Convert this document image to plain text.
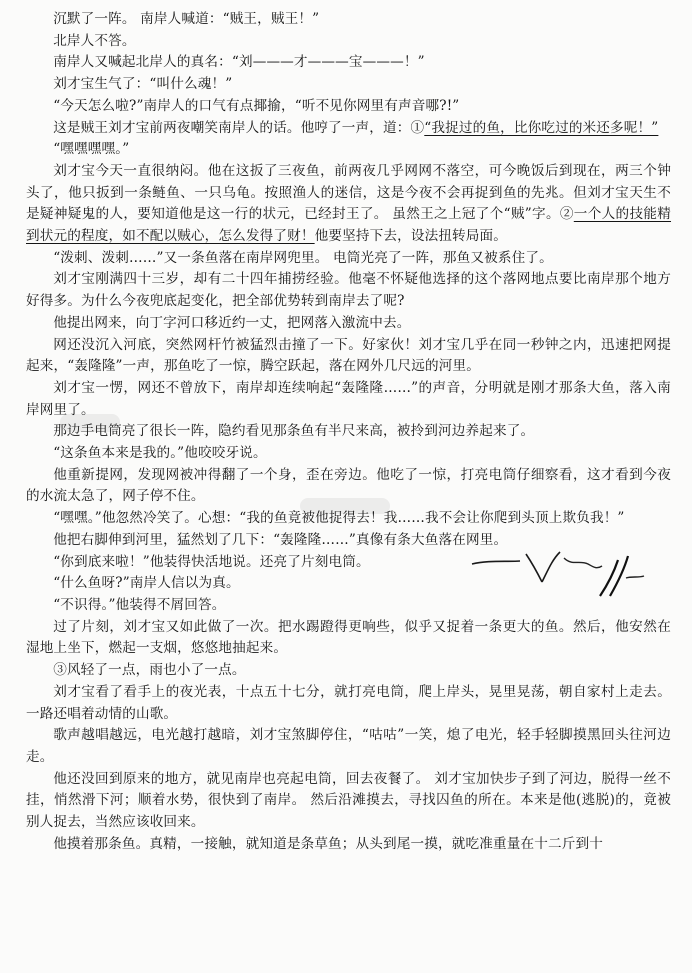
沉默了一阵。 南岸人喊道：“贼王，贼王！”

北岸人不答。

南岸人又喊起北岸人的真名：“刘———才———宝———！”

刘才宝生气了：“叫什么魂！”

“今天怎么啦?”南岸人的口气有点揶揄，“听不见你网里有声音哪?!”

这是贼王刘才宝前两夜嘲笑南岸人的话。他哼了一声，道：①“我捉过的鱼，比你吃过的米还多呢！”

“嘿嘿嘿嘿。”

刘才宝今天一直很纳闷。他在这扳了三夜鱼，前两夜几乎网网不落空，可今晚饭后到现在，两三个钟头了，他只扳到一条鲢鱼、一只乌龟。按照渔人的迷信，这是今夜不会再捉到鱼的先兆。但刘才宝天生不是疑神疑鬼的人，要知道他是这一行的状元，已经封王了。 虽然王之上冠了个“贼”字。②一个人的技能精到状元的程度，如不配以贼心，怎么发得了财！他要坚持下去，设法扭转局面。

“泼刺、泼刺……”又一条鱼落在南岸网兜里。 电筒光亮了一阵，那鱼又被系住了。

刘才宝刚满四十三岁，却有二十四年捕捞经验。他毫不怀疑他选择的这个落网地点要比南岸那个地方好得多。为什么今夜兜底起变化，把全部优势转到南岸去了呢?

他提出网来，向丁字河口移近约一丈，把网落入激流中去。

网还没沉入河底，突然网杆竹被猛烈击撞了一下。好家伙！刘才宝几乎在同一秒钟之内，迅速把网提起来，“轰隆隆”一声，那鱼吃了一惊，腾空跃起，落在网外几尺远的河里。

刘才宝一愣，网还不曾放下，南岸却连续响起“轰隆隆……”的声音，分明就是刚才那条大鱼，落入南岸网里了。

那边手电筒亮了很长一阵，隐约看见那条鱼有半尺来高，被拎到河边养起来了。

“这条鱼本来是我的。”他咬咬牙说。

他重新提网，发现网被冲得翻了一个身，歪在旁边。他吃了一惊，打亮电筒仔细察看，这才看到今夜的水流太急了，网子停不住。

“嘿嘿。”他忽然冷笑了。心想：“我的鱼竟被他捉得去！我……我不会让你爬到头顶上欺负我！”

他把右脚伸到河里，猛然划了几下：“轰隆隆……”真像有条大鱼落在网里。

“你到底来啦！”他装得快活地说。还亮了片刻电筒。

“什么鱼呀?”南岸人信以为真。

“不识得。”他装得不屑回答。

过了片刻，刘才宝又如此做了一次。把水踢蹬得更响些，似乎又捉着一条更大的鱼。然后，他安然在湿地上坐下，燃起一支烟，悠悠地抽起来。

③风轻了一点，雨也小了一点。

刘才宝看了看手上的夜光表，十点五十七分，就打亮电筒，爬上岸头，晃里晃荡，朝自家村上走去。一路还唱着动情的山歌。

歌声越唱越远，电光越打越暗，刘才宝煞脚停住，“咕咕”一笑，熄了电光，轻手轻脚摸黑回头往河边走。

他还没回到原来的地方，就见南岸也亮起电筒，回去夜餐了。 刘才宝加快步子到了河边，脱得一丝不挂，悄然滑下河；顺着水势，很快到了南岸。 然后沿滩摸去，寻找囚鱼的所在。本来是他(逃脱)的，竟被别人捉去，当然应该收回来。

他摸着那条鱼。真精，一接触，就知道是条草鱼；从头到尾一摸，就吃准重量在十二斤到十
